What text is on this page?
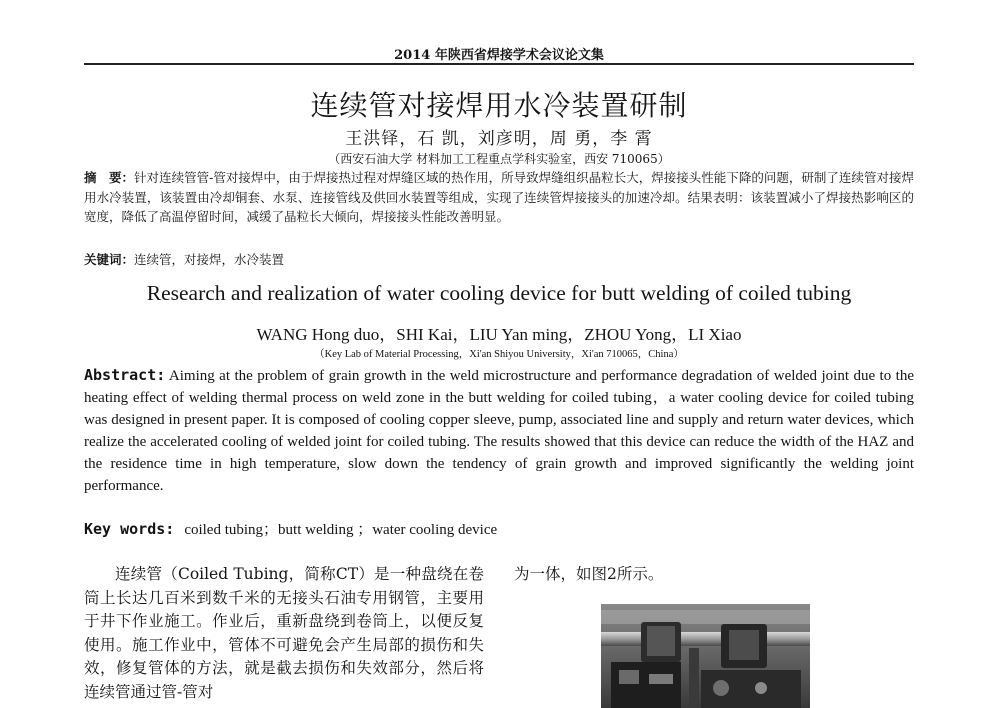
2014 年陕西省焊接学术会议论文集
连续管对接焊用水冷装置研制
王洪铎，石 凯，刘彦明，周 勇，李 霄
（西安石油大学 材料加工工程重点学科实验室，西安 710065）
摘　要：针对连续管管-管对接焊中，由于焊接热过程对焊缝区域的热作用，所导致焊缝组织晶粒长大，焊接接头性能下降的问题，研制了连续管对接焊用水冷装置，该装置由冷却铜套、水泵、连接管线及供回水装置等组成，实现了连续管焊接接头的加速冷却。结果表明：该装置减小了焊接热影响区的宽度，降低了高温停留时间，减缓了晶粒长大倾向，焊接接头性能改善明显。
关键词：连续管，对接焊，水冷装置
Research and realization of water cooling device for butt welding of coiled tubing
WANG Hong duo，SHI Kai，LIU Yan ming，ZHOU Yong，LI Xiao
（Key Lab of Material Processing，Xi'an Shiyou University，Xi'an 710065，China）
Abstract: Aiming at the problem of grain growth in the weld microstructure and performance degradation of welded joint due to the heating effect of welding thermal process on weld zone in the butt welding for coiled tubing，a water cooling device for coiled tubing was designed in present paper. It is composed of cooling copper sleeve, pump, associated line and supply and return water devices, which realize the accelerated cooling of welded joint for coiled tubing. The results showed that this device can reduce the width of the HAZ and the residence time in high temperature, slow down the tendency of grain growth and improved significantly the welding joint performance.
Key words: coiled tubing；butt welding ；water cooling device
连续管（Coiled Tubing，简称CT）是一种盘绕在卷筒上长达几百米到数千米的无接头石油专用钢管，主要用于井下作业施工。作业后，重新盘绕到卷筒上，以便反复使用。施工作业中，管体不可避免会产生局部的损伤和失效，修复管体的方法，就是截去损伤和失效部分，然后将连续管通过管-管对
为一体，如图2所示。
